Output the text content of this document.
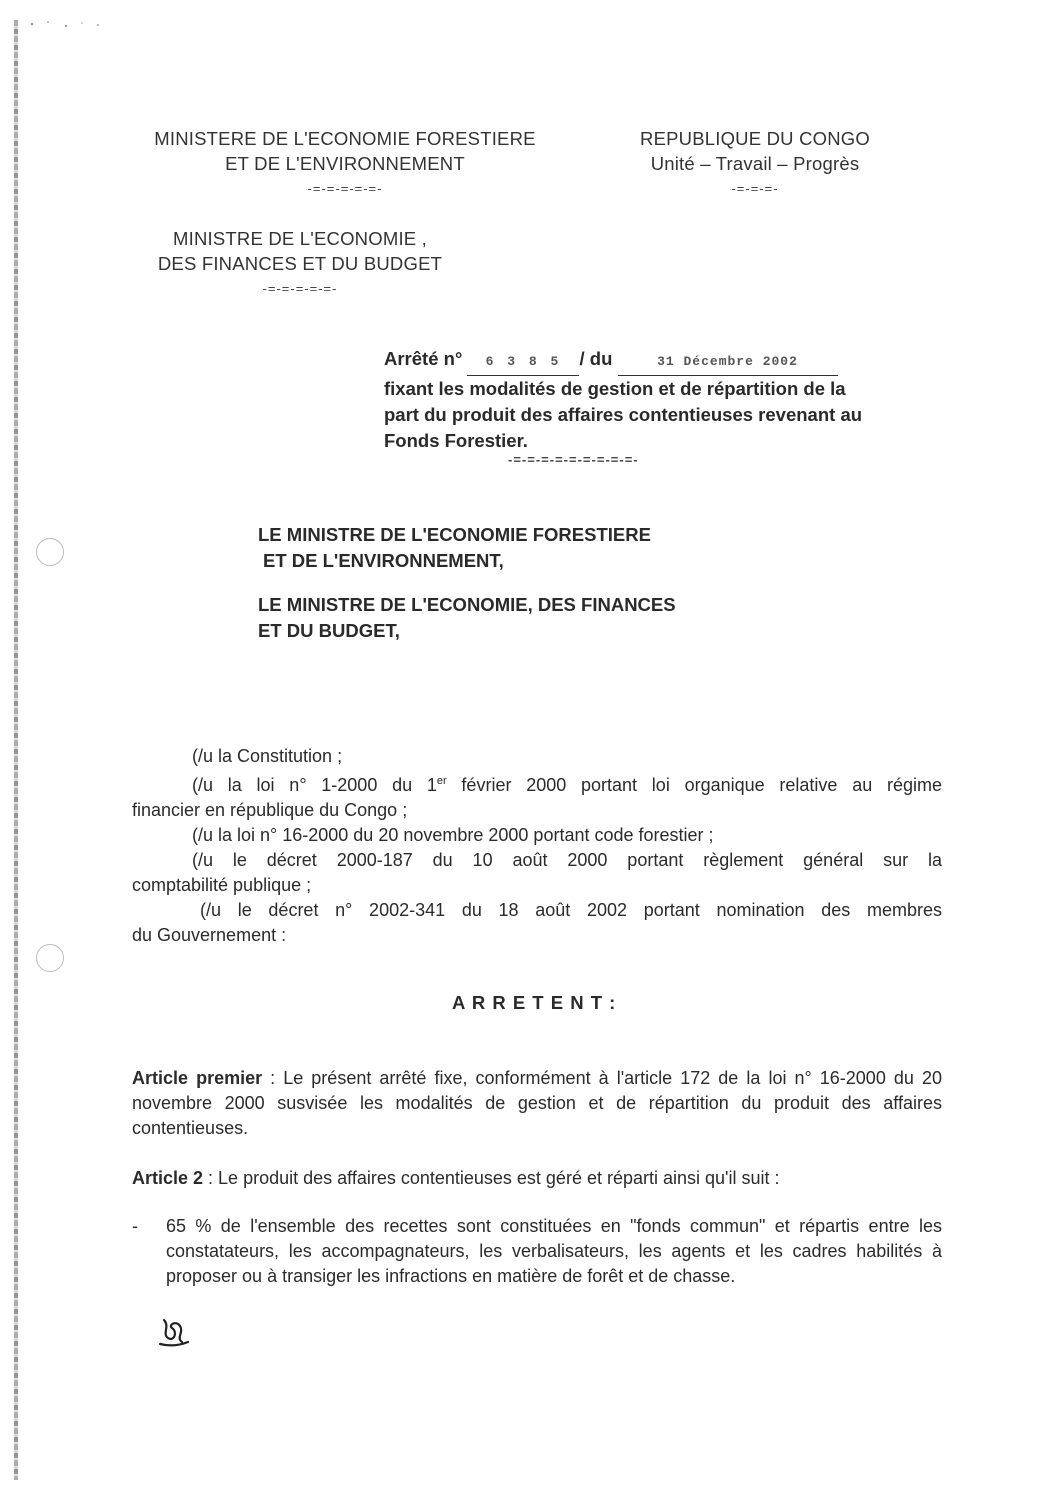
MINISTERE DE L'ECONOMIE FORESTIERE
ET DE L'ENVIRONNEMENT
-=-=-=-=-=-
REPUBLIQUE DU CONGO
Unité – Travail – Progrès
-=-=-=-
MINISTRE DE L'ECONOMIE ,
DES FINANCES ET DU BUDGET
-=-=-=-=-=-
Arrêté n° 6 3 8 5 / du	31 Décembre 2002
fixant les modalités de gestion et de répartition de la
part du produit des affaires contentieuses revenant au
Fonds Forestier.
-=-=-=-=-=-=-=-=-=-
LE MINISTRE DE L'ECONOMIE FORESTIERE
ET DE L'ENVIRONNEMENT,
LE MINISTRE DE L'ECONOMIE, DES FINANCES
ET DU BUDGET,
(/u la Constitution ;
(/u la loi n° 1-2000 du 1er février 2000 portant loi organique relative au régime
financier en république du Congo ;
(/u la loi n° 16-2000 du 20 novembre 2000 portant code forestier ;
(/u le décret 2000-187 du 10 août 2000 portant règlement général sur la
comptabilité publique ;
(/u le décret n° 2002-341 du 18 août 2002 portant nomination des membres
du Gouvernement :
A R R E T E N T :
Article premier : Le présent arrêté fixe, conformément à l'article 172 de la loi n° 16-2000 du 20 novembre 2000 susvisée les modalités de gestion et de répartition du produit des affaires contentieuses.
Article 2 : Le produit des affaires contentieuses est géré et réparti ainsi qu'il suit :
- 65 % de l'ensemble des recettes sont constituées en "fonds commun" et répartis entre les constatateurs, les accompagnateurs, les verbalisateurs, les agents et les cadres habilités à proposer ou à transiger les infractions en matière de forêt et de chasse.
